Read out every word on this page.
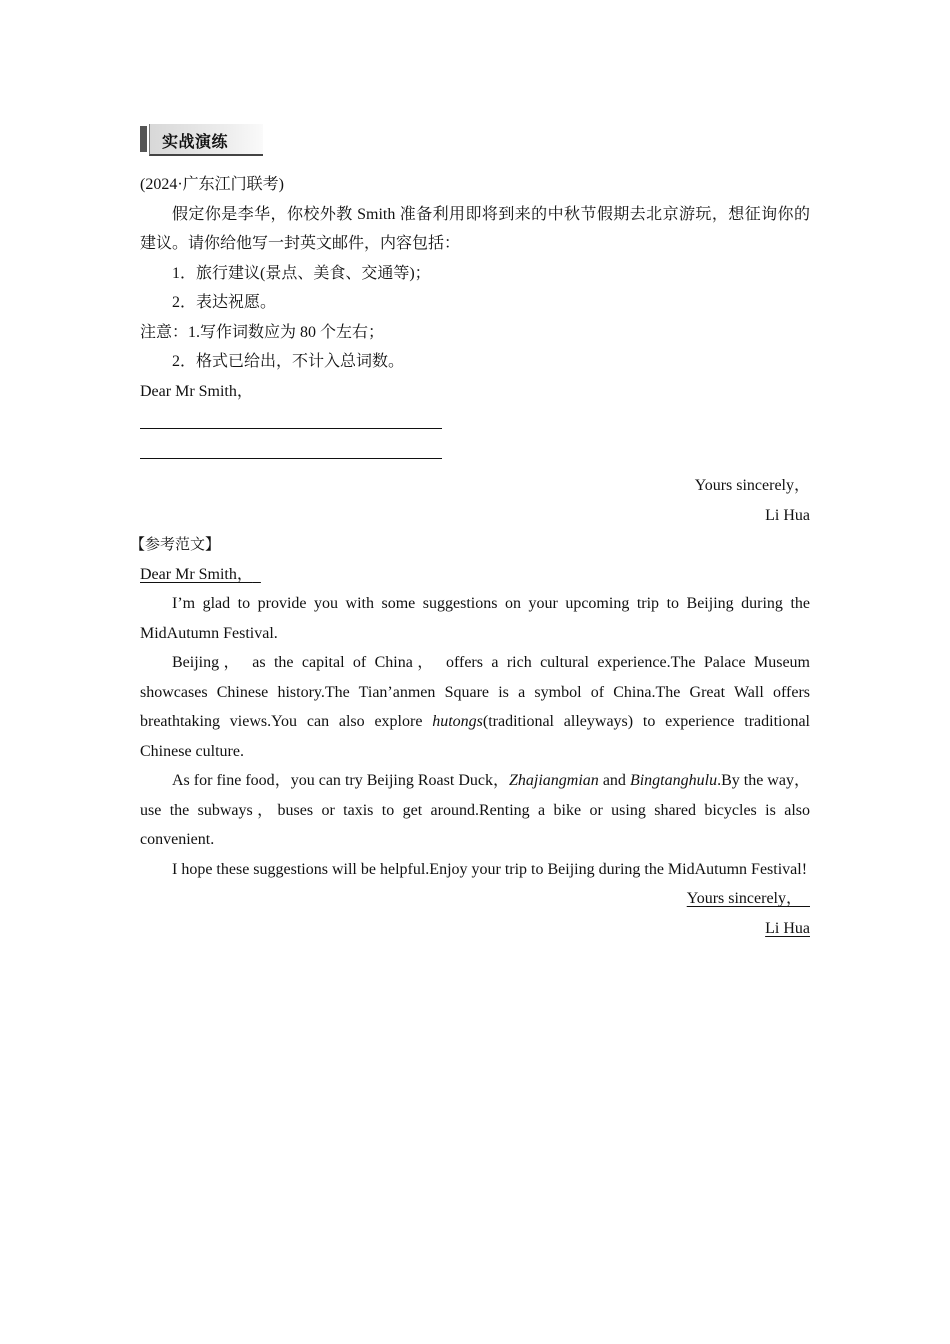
实战演练

(2024·广东江门联考)

假定你是李华，你校外教 Smith 准备利用即将到来的中秋节假期去北京游玩，想征询你的建议。请你给他写一封英文邮件，内容包括：

1．旅行建议(景点、美食、交通等)；

2．表达祝愿。

注意：1.写作词数应为 80 个左右；

2．格式已给出，不计入总词数。

Dear Mr Smith，

Yours sincerely，

Li Hua

【参考范文】

Dear Mr Smith，

I’m glad to provide you with some suggestions on your upcoming trip to Beijing during the MidAutumn Festival.

Beijing， as the capital of China， offers a rich cultural experience.The Palace Museum showcases Chinese history.The Tian’anmen Square is a symbol of China.The Great Wall offers breathtaking views.You can also explore hutongs(traditional alleyways) to experience traditional Chinese culture.

As for fine food，you can try Beijing Roast Duck，Zhajiangmian and Bingtanghulu.By the way，use the subways，buses or taxis to get around.Renting a bike or using shared bicycles is also convenient.

I hope these suggestions will be helpful.Enjoy your trip to Beijing during the MidAutumn Festival!

Yours sincerely，

Li Hua
